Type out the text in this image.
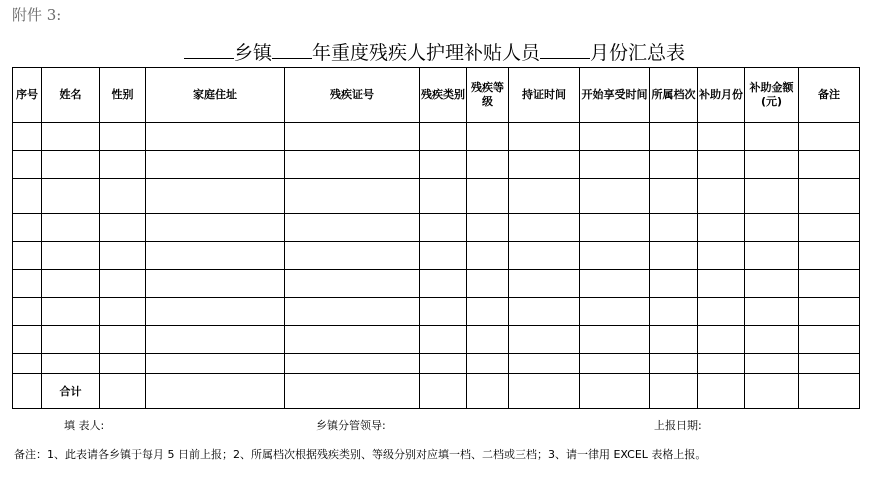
附件 3:
乡镇 年重度残疾人护理补贴人员	月份汇总表
序号	姓名	性别	家庭住址	残疾证号	残疾类别	残疾等级	持证时间	开始享受时间	所属档次	补助月份	补助金额(元)	备注

	合计											
填 表人:	乡镇分管领导:	上报日期:
备注：1、此表请各乡镇于每月 5 日前上报；2、所属档次根据残疾类别、等级分别对应填一档、二档或三档；3、请一律用 EXCEL 表格上报。
